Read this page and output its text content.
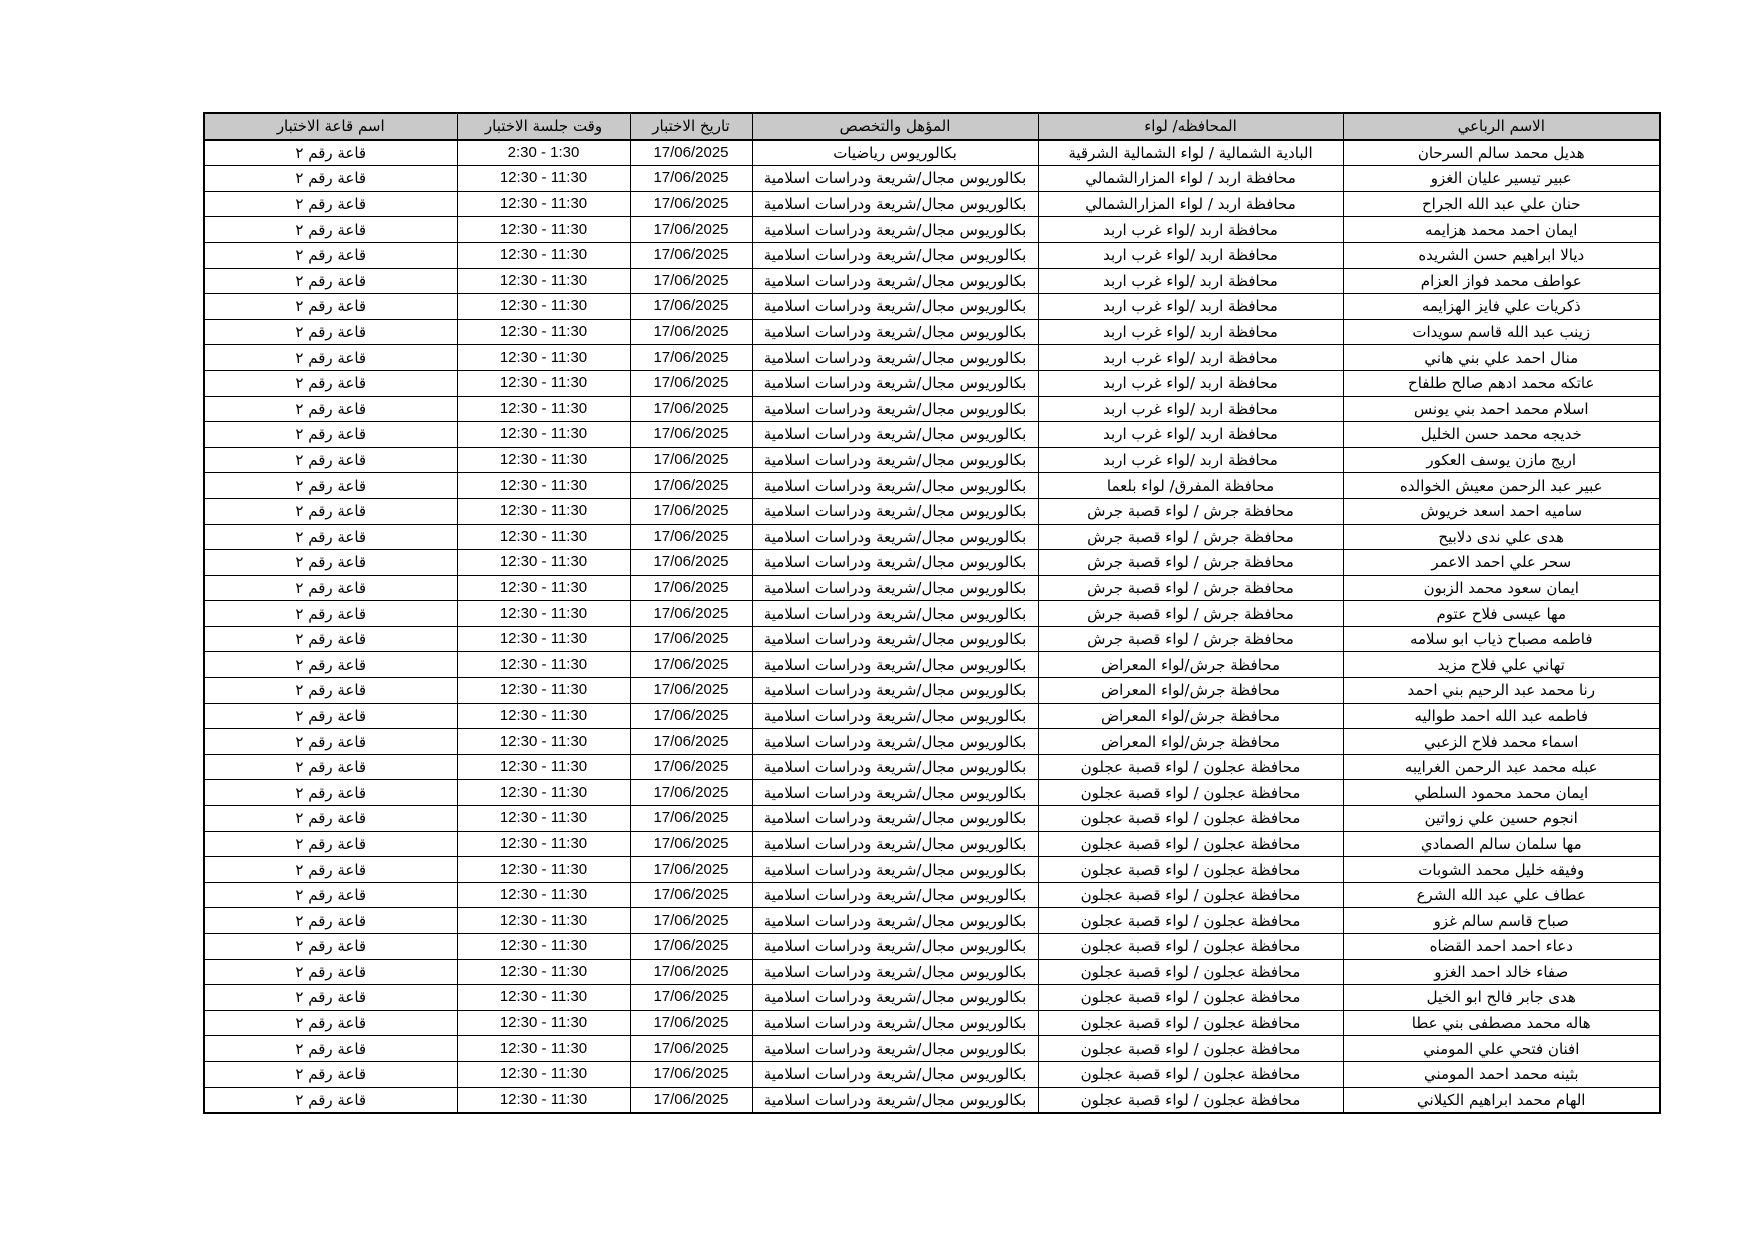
الاسم الرباعي	المحافظه/ لواء	المؤهل والتخصص	تاريخ الاختبار	وقت جلسة الاختبار	اسم قاعة الاختبار
هديل محمد سالم السرحان	البادية الشمالية / لواء الشمالية الشرقية	بكالوريوس رياضيات	17/06/2025	1:30 - 2:30	قاعة رقم ٢
عبير تيسير عليان الغزو	محافظة اربد / لواء المزارالشمالي	بكالوريوس مجال/شريعة ودراسات اسلامية	17/06/2025	11:30 - 12:30	قاعة رقم ٢
حنان علي عبد الله الجراح	محافظة اربد / لواء المزارالشمالي	بكالوريوس مجال/شريعة ودراسات اسلامية	17/06/2025	11:30 - 12:30	قاعة رقم ٢
ايمان احمد محمد هزايمه	محافظة اربد /لواء غرب اربد	بكالوريوس مجال/شريعة ودراسات اسلامية	17/06/2025	11:30 - 12:30	قاعة رقم ٢
ديالا ابراهيم حسن الشريده	محافظة اربد /لواء غرب اربد	بكالوريوس مجال/شريعة ودراسات اسلامية	17/06/2025	11:30 - 12:30	قاعة رقم ٢
عواطف محمد فواز العزام	محافظة اربد /لواء غرب اربد	بكالوريوس مجال/شريعة ودراسات اسلامية	17/06/2025	11:30 - 12:30	قاعة رقم ٢
ذكريات علي فايز الهزايمه	محافظة اربد /لواء غرب اربد	بكالوريوس مجال/شريعة ودراسات اسلامية	17/06/2025	11:30 - 12:30	قاعة رقم ٢
زينب عبد الله قاسم سويدات	محافظة اربد /لواء غرب اربد	بكالوريوس مجال/شريعة ودراسات اسلامية	17/06/2025	11:30 - 12:30	قاعة رقم ٢
منال احمد علي بني هاني	محافظة اربد /لواء غرب اربد	بكالوريوس مجال/شريعة ودراسات اسلامية	17/06/2025	11:30 - 12:30	قاعة رقم ٢
عاتكه محمد ادهم صالح طلفاح	محافظة اربد /لواء غرب اربد	بكالوريوس مجال/شريعة ودراسات اسلامية	17/06/2025	11:30 - 12:30	قاعة رقم ٢
اسلام محمد احمد بني يونس	محافظة اربد /لواء غرب اربد	بكالوريوس مجال/شريعة ودراسات اسلامية	17/06/2025	11:30 - 12:30	قاعة رقم ٢
خديجه محمد حسن الخليل	محافظة اربد /لواء غرب اربد	بكالوريوس مجال/شريعة ودراسات اسلامية	17/06/2025	11:30 - 12:30	قاعة رقم ٢
اريج مازن يوسف العكور	محافظة اربد /لواء غرب اربد	بكالوريوس مجال/شريعة ودراسات اسلامية	17/06/2025	11:30 - 12:30	قاعة رقم ٢
عبير عبد الرحمن معيش الخوالده	محافظة المفرق/ لواء بلعما	بكالوريوس مجال/شريعة ودراسات اسلامية	17/06/2025	11:30 - 12:30	قاعة رقم ٢
ساميه احمد اسعد خريوش	محافظة جرش / لواء قصبة جرش	بكالوريوس مجال/شريعة ودراسات اسلامية	17/06/2025	11:30 - 12:30	قاعة رقم ٢
هدى علي ندى دلابيح	محافظة جرش / لواء قصبة جرش	بكالوريوس مجال/شريعة ودراسات اسلامية	17/06/2025	11:30 - 12:30	قاعة رقم ٢
سحر علي احمد الاعمر	محافظة جرش / لواء قصبة جرش	بكالوريوس مجال/شريعة ودراسات اسلامية	17/06/2025	11:30 - 12:30	قاعة رقم ٢
ايمان سعود محمد الزبون	محافظة جرش / لواء قصبة جرش	بكالوريوس مجال/شريعة ودراسات اسلامية	17/06/2025	11:30 - 12:30	قاعة رقم ٢
مها عيسى فلاح عتوم	محافظة جرش / لواء قصبة جرش	بكالوريوس مجال/شريعة ودراسات اسلامية	17/06/2025	11:30 - 12:30	قاعة رقم ٢
فاطمه مصباح ذياب ابو سلامه	محافظة جرش / لواء قصبة جرش	بكالوريوس مجال/شريعة ودراسات اسلامية	17/06/2025	11:30 - 12:30	قاعة رقم ٢
تهاني علي فلاح مزيد	محافظة جرش/لواء المعراض	بكالوريوس مجال/شريعة ودراسات اسلامية	17/06/2025	11:30 - 12:30	قاعة رقم ٢
رنا محمد عبد الرحيم بني احمد	محافظة جرش/لواء المعراض	بكالوريوس مجال/شريعة ودراسات اسلامية	17/06/2025	11:30 - 12:30	قاعة رقم ٢
فاطمه عبد الله احمد طواليه	محافظة جرش/لواء المعراض	بكالوريوس مجال/شريعة ودراسات اسلامية	17/06/2025	11:30 - 12:30	قاعة رقم ٢
اسماء محمد فلاح الزعبي	محافظة جرش/لواء المعراض	بكالوريوس مجال/شريعة ودراسات اسلامية	17/06/2025	11:30 - 12:30	قاعة رقم ٢
عبله محمد عبد الرحمن الغرايبه	محافظة عجلون / لواء قصبة عجلون	بكالوريوس مجال/شريعة ودراسات اسلامية	17/06/2025	11:30 - 12:30	قاعة رقم ٢
ايمان محمد محمود السلطي	محافظة عجلون / لواء قصبة عجلون	بكالوريوس مجال/شريعة ودراسات اسلامية	17/06/2025	11:30 - 12:30	قاعة رقم ٢
انجوم حسين علي زواتين	محافظة عجلون / لواء قصبة عجلون	بكالوريوس مجال/شريعة ودراسات اسلامية	17/06/2025	11:30 - 12:30	قاعة رقم ٢
مها سلمان سالم الصمادي	محافظة عجلون / لواء قصبة عجلون	بكالوريوس مجال/شريعة ودراسات اسلامية	17/06/2025	11:30 - 12:30	قاعة رقم ٢
وفيقه خليل محمد الشوبات	محافظة عجلون / لواء قصبة عجلون	بكالوريوس مجال/شريعة ودراسات اسلامية	17/06/2025	11:30 - 12:30	قاعة رقم ٢
عطاف علي عبد الله الشرع	محافظة عجلون / لواء قصبة عجلون	بكالوريوس مجال/شريعة ودراسات اسلامية	17/06/2025	11:30 - 12:30	قاعة رقم ٢
صباح قاسم سالم غزو	محافظة عجلون / لواء قصبة عجلون	بكالوريوس مجال/شريعة ودراسات اسلامية	17/06/2025	11:30 - 12:30	قاعة رقم ٢
دعاء احمد احمد القضاه	محافظة عجلون / لواء قصبة عجلون	بكالوريوس مجال/شريعة ودراسات اسلامية	17/06/2025	11:30 - 12:30	قاعة رقم ٢
صفاء خالد احمد الغزو	محافظة عجلون / لواء قصبة عجلون	بكالوريوس مجال/شريعة ودراسات اسلامية	17/06/2025	11:30 - 12:30	قاعة رقم ٢
هدى جابر فالح ابو الخيل	محافظة عجلون / لواء قصبة عجلون	بكالوريوس مجال/شريعة ودراسات اسلامية	17/06/2025	11:30 - 12:30	قاعة رقم ٢
هاله محمد مصطفى بني عطا	محافظة عجلون / لواء قصبة عجلون	بكالوريوس مجال/شريعة ودراسات اسلامية	17/06/2025	11:30 - 12:30	قاعة رقم ٢
افنان فتحي علي المومني	محافظة عجلون / لواء قصبة عجلون	بكالوريوس مجال/شريعة ودراسات اسلامية	17/06/2025	11:30 - 12:30	قاعة رقم ٢
بثينه محمد احمد المومني	محافظة عجلون / لواء قصبة عجلون	بكالوريوس مجال/شريعة ودراسات اسلامية	17/06/2025	11:30 - 12:30	قاعة رقم ٢
الهام محمد ابراهيم الكيلاني	محافظة عجلون / لواء قصبة عجلون	بكالوريوس مجال/شريعة ودراسات اسلامية	17/06/2025	11:30 - 12:30	قاعة رقم ٢
